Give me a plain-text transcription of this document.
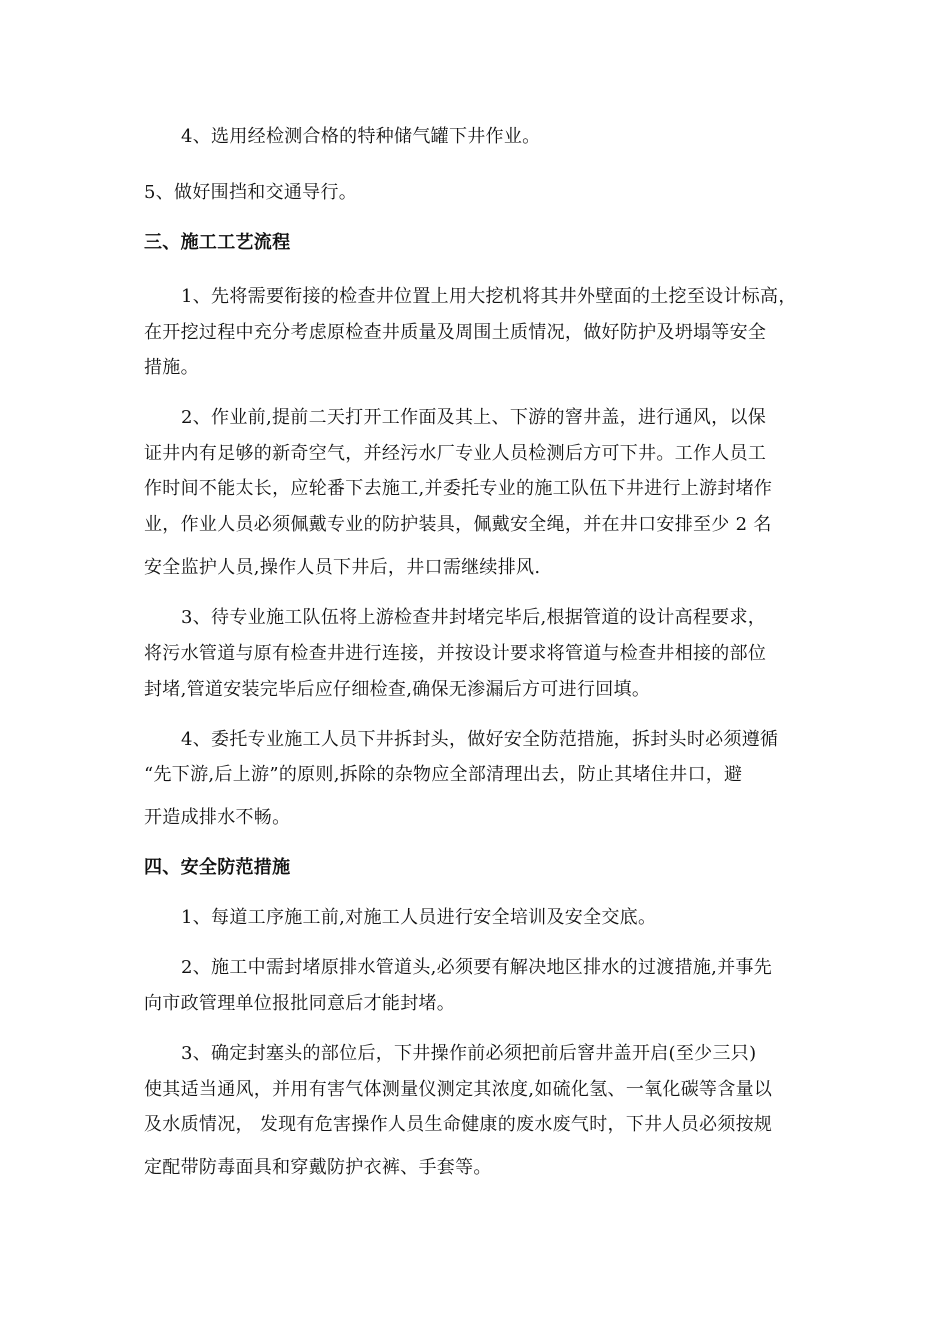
4、选用经检测合格的特种储气罐下井作业。
5、做好围挡和交通导行。
三、施工工艺流程
1、先将需要衔接的检查井位置上用大挖机将其井外壁面的土挖至设计标高，
在开挖过程中充分考虑原检查井质量及周围土质情况，做好防护及坍塌等安全
措施。
2、作业前,提前二天打开工作面及其上、下游的窨井盖，进行通风，以保
证井内有足够的新奇空气，并经污水厂专业人员检测后方可下井。工作人员工
作时间不能太长，应轮番下去施工,并委托专业的施工队伍下井进行上游封堵作
业，作业人员必须佩戴专业的防护装具，佩戴安全绳，并在井口安排至少 2 名
安全监护人员,操作人员下井后，井口需继续排风.
3、待专业施工队伍将上游检查井封堵完毕后,根据管道的设计高程要求，
将污水管道与原有检查井进行连接，并按设计要求将管道与检查井相接的部位
封堵,管道安装完毕后应仔细检查,确保无渗漏后方可进行回填。
4、委托专业施工人员下井拆封头，做好安全防范措施，拆封头时必须遵循
“先下游,后上游”的原则,拆除的杂物应全部清理出去，防止其堵住井口，避
开造成排水不畅。
四、安全防范措施
1、每道工序施工前,对施工人员进行安全培训及安全交底。
2、施工中需封堵原排水管道头,必须要有解决地区排水的过渡措施,并事先
向市政管理单位报批同意后才能封堵。
3、确定封塞头的部位后，下井操作前必须把前后窨井盖开启(至少三只)
使其适当通风，并用有害气体测量仪测定其浓度,如硫化氢、一氧化碳等含量以
及水质情况， 发现有危害操作人员生命健康的废水废气时，下井人员必须按规
定配带防毒面具和穿戴防护衣裤、手套等。
